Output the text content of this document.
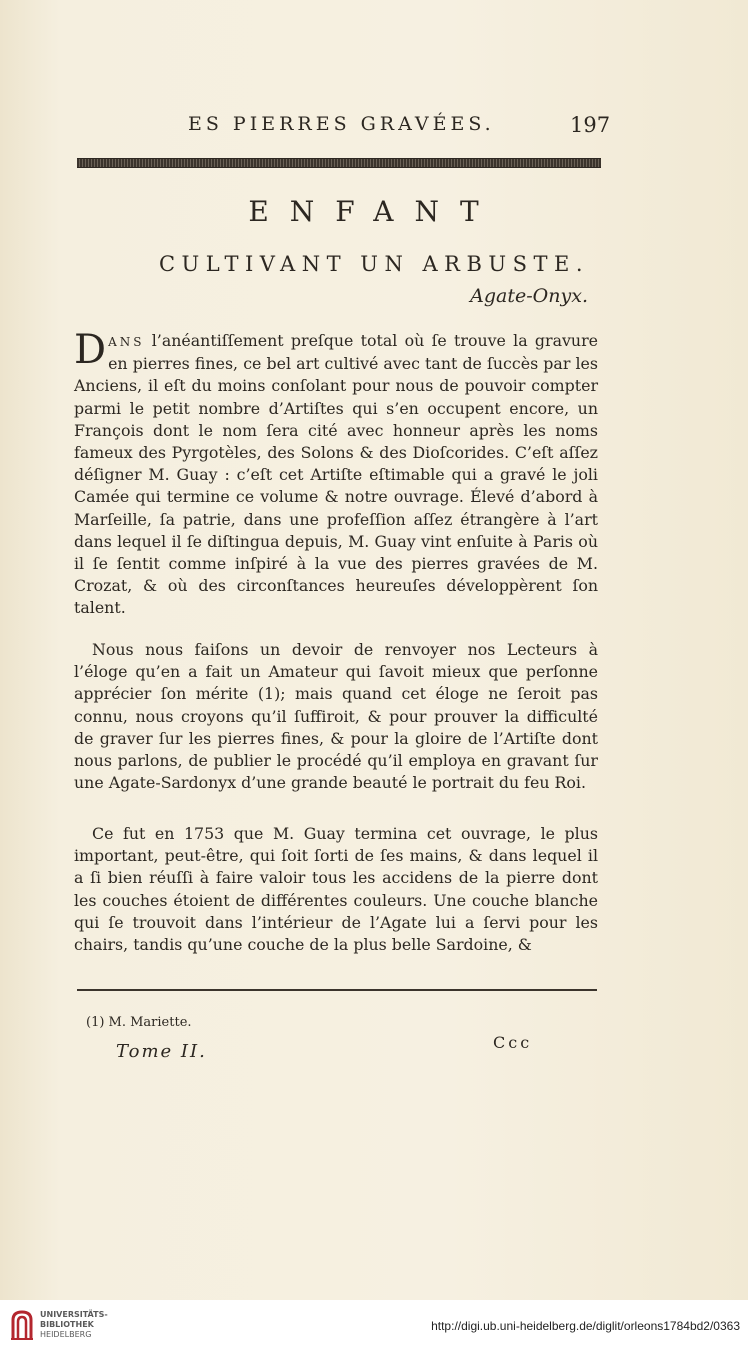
ES PIERRES GRAVÉES.	197
ENFANT
CULTIVANT UN ARBUSTE.
Agate-Onyx.
DANS l’anéantiſſement preſque total où ſe trouve la gravure en pierres fines, ce bel art cultivé avec tant de ſuccès par les Anciens, il eſt du moins conſolant pour nous de pouvoir compter parmi le petit nombre d’Artiſtes qui s’en occupent encore, un François dont le nom ſera cité avec honneur après les noms fameux des Pyrgotèles, des Solons & des Dioſcorides. C’eſt aſſez déſigner M. Guay : c’eſt cet Artiſte eſtimable qui a gravé le joli Camée qui termine ce volume & notre ouvrage. Élevé d’abord à Marſeille, ſa patrie, dans une profeſſion aſſez étrangère à l’art dans lequel il ſe diſtingua depuis, M. Guay vint enſuite à Paris où il ſe ſentit comme inſpiré à la vue des pierres gravées de M. Crozat, & où des circonſtances heureuſes développèrent ſon talent.
Nous nous faiſons un devoir de renvoyer nos Lecteurs à l’éloge qu’en a fait un Amateur qui ſavoit mieux que perſonne apprécier ſon mérite (1); mais quand cet éloge ne ſeroit pas connu, nous croyons qu’il ſuffiroit, & pour prouver la difficulté de graver ſur les pierres fines, & pour la gloire de l’Artiſte dont nous parlons, de publier le procédé qu’il employa en gravant ſur une Agate-Sardonyx d’une grande beauté le portrait du feu Roi.
Ce fut en 1753 que M. Guay termina cet ouvrage, le plus important, peut-être, qui ſoit ſorti de ſes mains, & dans lequel il a ſi bien réuſſi à faire valoir tous les accidens de la pierre dont les couches étoient de différentes couleurs. Une couche blanche qui ſe trouvoit dans l’intérieur de l’Agate lui a ſervi pour les chairs, tandis qu’une couche de la plus belle Sardoine, &
(1) M. Mariette.
Tome II.	Ccc
UNIVERSITÄTS-
BIBLIOTHEK
HEIDELBERG
http://digi.ub.uni-heidelberg.de/diglit/orleons1784bd2/0363
